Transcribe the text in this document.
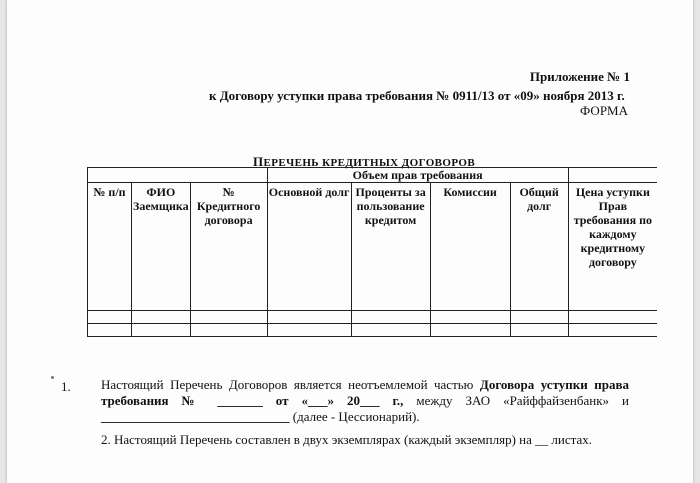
Приложение № 1
к Договору уступки права требования № 0911/13 от «09» ноября 2013 г.
ФОРМА
ПЕРЕЧЕНЬ КРЕДИТНЫХ ДОГОВОРОВ
			Объем прав требования				
№ п/п	ФИО Заемщика	№ Кредитного договора	Основной долг	Проценты за пользование кредитом	Комиссии	Общий долг	Цена уступки Прав требования по каждому кредитному договору

1. Настоящий Перечень Договоров является неотъемлемой частью Договора уступки права требования № _______ от «___» 20___ г., между ЗАО «Райффайзенбанк» и _____________________________ (далее - Цессионарий).
2. Настоящий Перечень составлен в двух экземплярах (каждый экземпляр) на __ листах.
